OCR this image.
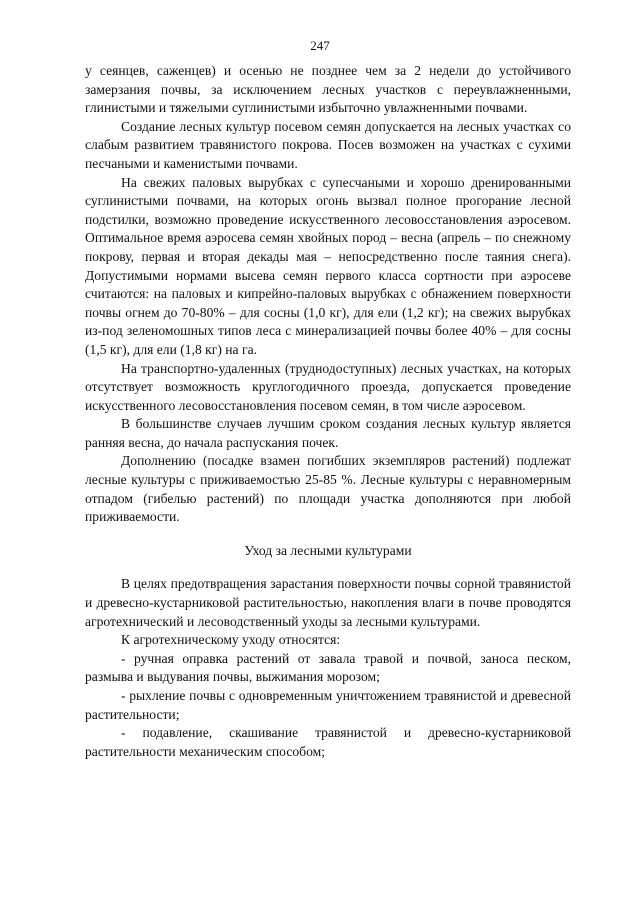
247

у сеянцев, саженцев) и осенью не позднее чем за 2 недели до устойчивого замерзания почвы, за исключением лесных участков с переувлажненными, глинистыми и тяжелыми суглинистыми избыточно увлажненными почвами.

Создание лесных культур посевом семян допускается на лесных участках со слабым развитием травянистого покрова. Посев возможен на участках с сухими песчаными и каменистыми почвами.

На свежих паловых вырубках с супесчаными и хорошо дренированными суглинистыми почвами, на которых огонь вызвал полное прогорание лесной подстилки, возможно проведение искусственного лесовосстановления аэросевом. Оптимальное время аэросева семян хвойных пород – весна (апрель – по снежному покрову, первая и вторая декады мая – непосредственно после таяния снега). Допустимыми нормами высева семян первого класса сортности при аэросеве считаются: на паловых и кипрейно-паловых вырубках с обнажением поверхности почвы огнем до 70-80% – для сосны (1,0 кг), для ели (1,2 кг); на свежих вырубках из-под зеленомошных типов леса с минерализацией почвы более 40% – для сосны (1,5 кг), для ели (1,8 кг) на га.

На транспортно-удаленных (труднодоступных) лесных участках, на которых отсутствует возможность круглогодичного проезда, допускается проведение искусственного лесовосстановления посевом семян, в том числе аэросевом.

В большинстве случаев лучшим сроком создания лесных культур является ранняя весна, до начала распускания почек.

Дополнению (посадке взамен погибших экземпляров растений) подлежат лесные культуры с приживаемостью 25-85 %. Лесные культуры с неравномерным отпадом (гибелью растений) по площади участка дополняются при любой приживаемости.

Уход за лесными культурами

В целях предотвращения зарастания поверхности почвы сорной травянистой и древесно-кустарниковой растительностью, накопления влаги в почве проводятся агротехнический и лесоводственный уходы за лесными культурами.

К агротехническому уходу относятся:

- ручная оправка растений от завала травой и почвой, заноса песком, размыва и выдувания почвы, выжимания морозом;

- рыхление почвы с одновременным уничтожением травянистой и древесной растительности;

- подавление, скашивание травянистой и древесно-кустарниковой растительности механическим способом;
